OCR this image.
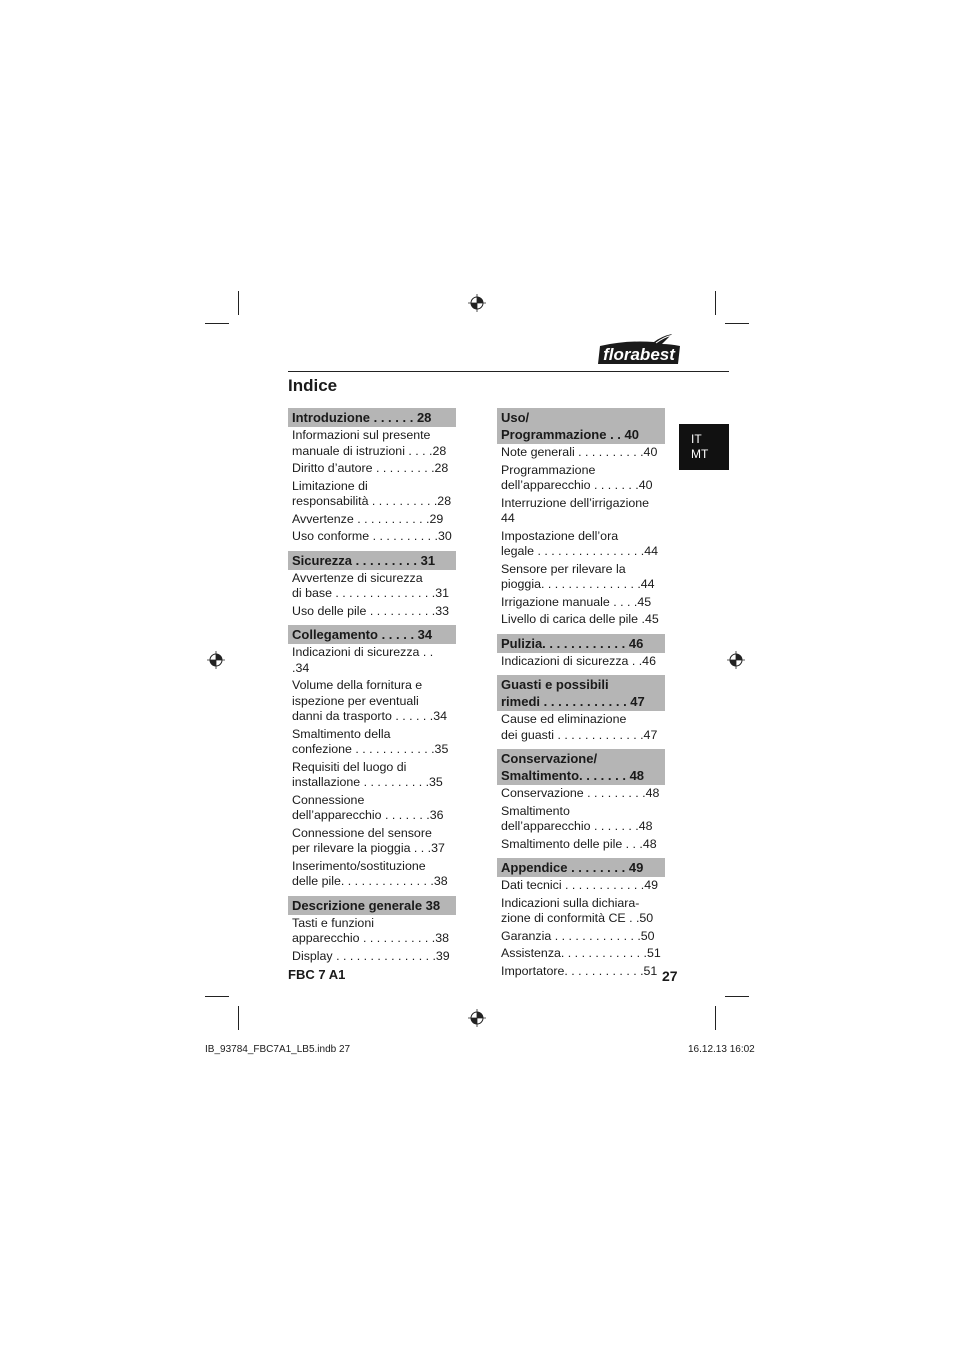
florabest
Indice
IT
MT
Introduzione . . . . . . 28
Informazioni sul presente
manuale di istruzioni . . . .28
Diritto d’autore . . . . . . . . .28
Limitazione di
responsabilità . . . . . . . . . .28
Avvertenze . . . . . . . . . . .29
Uso conforme . . . . . . . . . .30
Sicurezza . . . . . . . . . 31
Avvertenze di sicurezza
di base . . . . . . . . . . . . . . .31
Uso delle pile . . . . . . . . . .33
Collegamento . . . . . 34
Indicazioni di sicurezza . . .34
Volume della fornitura e
ispezione per eventuali
danni da trasporto . . . . . .34
Smaltimento della
confezione . . . . . . . . . . . .35
Requisiti del luogo di
installazione . . . . . . . . . .35
Connessione
dell’apparecchio . . . . . . .36
Connessione del sensore
per rilevare la pioggia . . .37
Inserimento/sostituzione
delle pile. . . . . . . . . . . . . .38
Descrizione generale 38
Tasti e funzioni
apparecchio . . . . . . . . . . .38
Display . . . . . . . . . . . . . . .39
Uso/
Programmazione . . 40
Note generali . . . . . . . . . .40
Programmazione
dell’apparecchio . . . . . . .40
Interruzione dell’irrigazione 44
Impostazione dell’ora
legale . . . . . . . . . . . . . . . .44
Sensore per rilevare la
pioggia. . . . . . . . . . . . . . .44
Irrigazione manuale . . . .45
Livello di carica delle pile .45
Pulizia. . . . . . . . . . . . 46
Indicazioni di sicurezza . .46
Guasti e possibili
rimedi . . . . . . . . . . . . 47
Cause ed eliminazione
dei guasti . . . . . . . . . . . . .47
Conservazione/
Smaltimento. . . . . . . 48
Conservazione . . . . . . . . .48
Smaltimento
dell’apparecchio . . . . . . .48
Smaltimento delle pile . . .48
Appendice . . . . . . . . 49
Dati tecnici . . . . . . . . . . . .49
Indicazioni sulla dichiara-
zione di conformità CE . .50
Garanzia . . . . . . . . . . . . .50
Assistenza. . . . . . . . . . . . .51
Importatore. . . . . . . . . . . .51
FBC 7 A1	27
IB_93784_FBC7A1_LB5.indb 27	16.12.13 16:02
